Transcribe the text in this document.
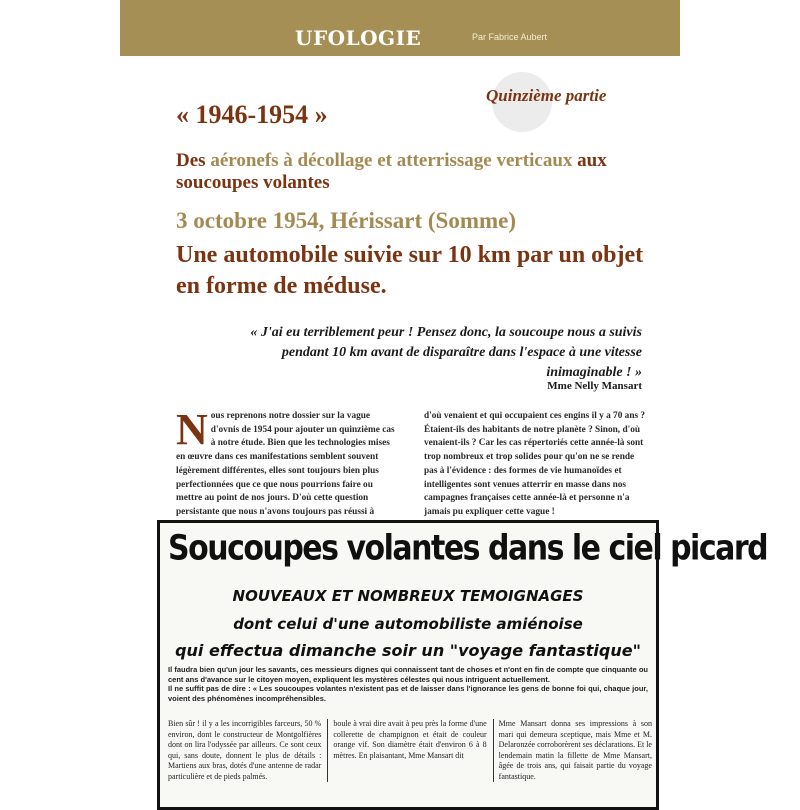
UFOLOGIE	Par Fabrice Aubert
Quinzième partie
« 1946-1954 »
Des aéronefs à décollage et atterrissage verticaux aux soucoupes volantes
3 octobre 1954, Hérissart (Somme)
Une automobile suivie sur 10 km par un objet en forme de méduse.
« J'ai eu terriblement peur ! Pensez donc, la soucoupe nous a suivis pendant 10 km avant de disparaître dans l'espace à une vitesse inimaginable ! »
Mme Nelly Mansart
N ous reprenons notre dossier sur la vague d'ovnis de 1954 pour ajouter un quinzième cas à notre étude. Bien que les technologies mises en œuvre dans ces manifestations semblent souvent légèrement différentes, elles sont toujours bien plus perfectionnées que ce que nous pourrions faire ou mettre au point de nos jours. D'où cette question persistante que nous n'avons toujours pas réussi à

d'où venaient et qui occupaient ces engins il y a 70 ans ? Étaient-ils des habitants de notre planète ? Sinon, d'où venaient-ils ? Car les cas répertoriés cette année-là sont trop nombreux et trop solides pour qu'on ne se rende pas à l'évidence : des formes de vie humanoïdes et intelligentes sont venues atterrir en masse dans nos campagnes françaises cette année-là et personne n'a jamais pu expliquer cette vague !

Soucoupes volantes dans le ciel picard
NOUVEAUX ET NOMBREUX TEMOIGNAGES
dont celui d'une automobiliste amiénoise
qui effectua dimanche soir un "voyage fantastique"
Il faudra bien qu'un jour les savants, ces messieurs dignes qui connaissent tant de choses et n'ont en fin de compte que cinquante ou cent ans d'avance sur le citoyen moyen, expliquent les mystères célestes qui nous intriguent actuellement.
Il ne suffit pas de dire : « Les soucoupes volantes n'existent pas et de laisser dans l'ignorance les gens de bonne foi qui, chaque jour, voient des phénomènes incompréhensibles.
Bien sûr ! il y a les incorrigibles farceurs, 50 % environ, dont le constructeur de Montgolfières dont on lira l'odyssée par ailleurs. Ce sont ceux qui, sans doute, donnent le plus de détails : Martiens aux bras, dotés d'une antenne de radar particulière et de pieds palmés.
boule à vrai dire avait à peu près la forme d'une collerette de champignon et était de couleur orange vif. Son diamètre était d'environ 6 à 8 mètres. En plaisantant, Mme Mansart dit
Mme Mansart donna ses impressions à son mari qui demeura sceptique, mais Mme et M. Delaronzée corroborèrent ses déclarations. Et le lendemain matin la fillette de Mme Mansart, âgée de trois ans, qui faisait partie du voyage fantastique.
